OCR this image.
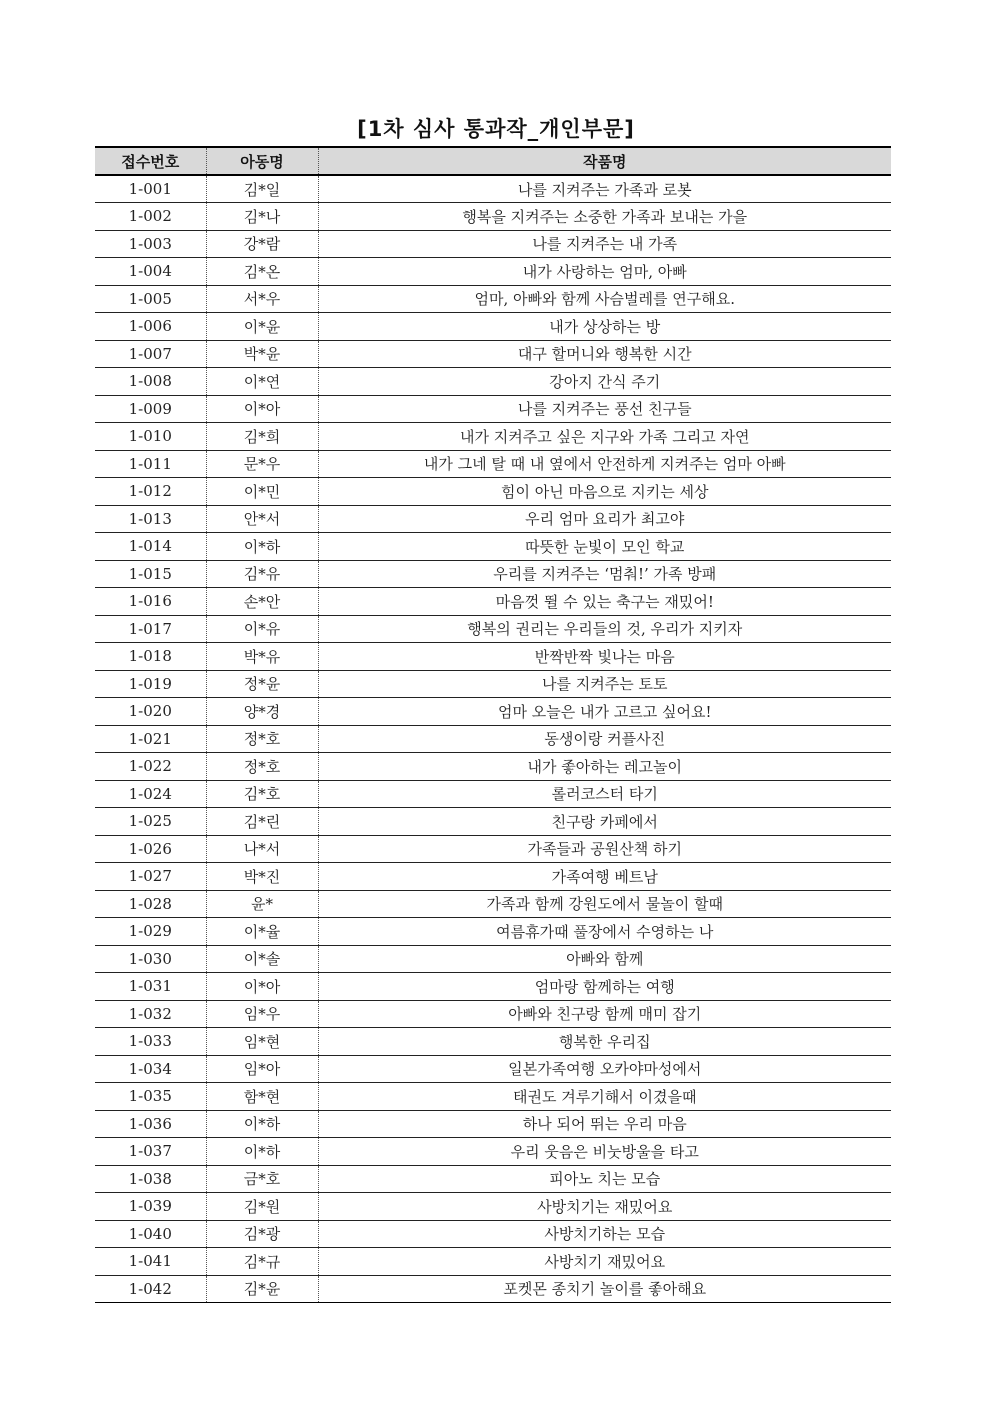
[1차 심사 통과작_개인부문]
접수번호	아동명	작품명
1-001	김*일	나를 지켜주는 가족과 로봇
1-002	김*나	행복을 지켜주는 소중한 가족과 보내는 가을
1-003	강*람	나를 지켜주는 내 가족
1-004	김*온	내가 사랑하는 엄마, 아빠
1-005	서*우	엄마, 아빠와 함께 사슴벌레를 연구해요.
1-006	이*윤	내가 상상하는 방
1-007	박*윤	대구 할머니와 행복한 시간
1-008	이*연	강아지 간식 주기
1-009	이*아	나를 지켜주는 풍선 친구들
1-010	김*희	내가 지켜주고 싶은 지구와 가족 그리고 자연
1-011	문*우	내가 그네 탈 때 내 옆에서 안전하게 지켜주는 엄마 아빠
1-012	이*민	힘이 아닌 마음으로 지키는 세상
1-013	안*서	우리 엄마 요리가 최고야
1-014	이*하	따뜻한 눈빛이 모인 학교
1-015	김*유	우리를 지켜주는 ‘멈춰!’ 가족 방패
1-016	손*안	마음껏 뛸 수 있는 축구는 재밌어!
1-017	이*유	행복의 권리는 우리들의 것, 우리가 지키자
1-018	박*유	반짝반짝 빛나는 마음
1-019	정*윤	나를 지켜주는 토토
1-020	양*경	엄마 오늘은 내가 고르고 싶어요!
1-021	정*호	동생이랑 커플사진
1-022	정*호	내가 좋아하는 레고놀이
1-024	김*호	롤러코스터 타기
1-025	김*린	친구랑 카페에서
1-026	나*서	가족들과 공원산책 하기
1-027	박*진	가족여행 베트남
1-028	윤*	가족과 함께 강원도에서 물놀이 할때
1-029	이*율	여름휴가때 풀장에서 수영하는 나
1-030	이*솔	아빠와 함께
1-031	이*아	엄마랑 함께하는 여행
1-032	임*우	아빠와 친구랑 함께 매미 잡기
1-033	임*현	행복한 우리집
1-034	임*아	일본가족여행 오카야마성에서
1-035	함*현	태권도 겨루기해서 이겼을때
1-036	이*하	하나 되어 뛰는 우리 마음
1-037	이*하	우리 웃음은 비눗방울을 타고
1-038	금*호	피아노 치는 모습
1-039	김*원	사방치기는 재밌어요
1-040	김*광	사방치기하는 모습
1-041	김*규	사방치기 재밌어요
1-042	김*윤	포켓몬 종치기 놀이를 좋아해요
